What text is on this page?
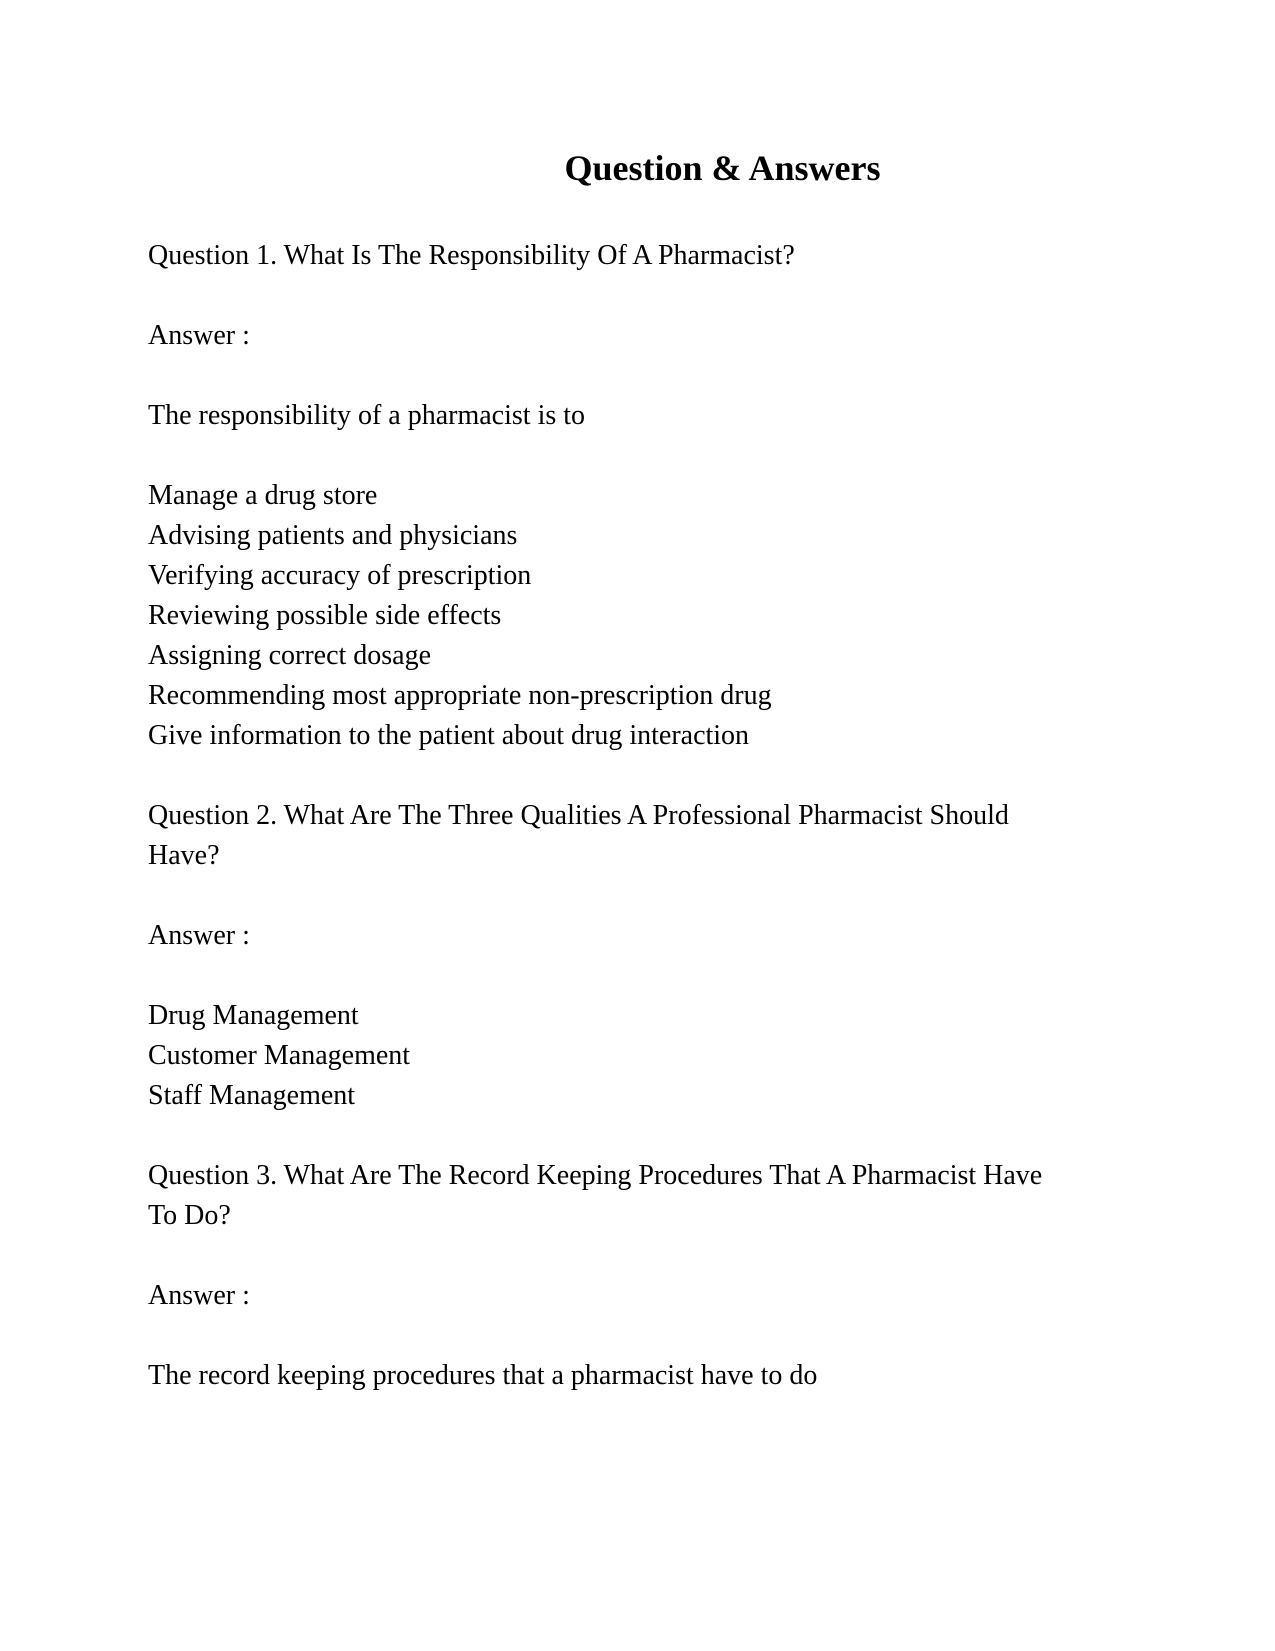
Question & Answers

Question 1. What Is The Responsibility Of A Pharmacist?

Answer :

The responsibility of a pharmacist is to

Manage a drug store

Advising patients and physicians

Verifying accuracy of prescription

Reviewing possible side effects

Assigning correct dosage

Recommending most appropriate non-prescription drug

Give information to the patient about drug interaction

Question 2. What Are The Three Qualities A Professional Pharmacist Should

Have?

Answer :

Drug Management

Customer Management

Staff Management

Question 3. What Are The Record Keeping Procedures That A Pharmacist Have

To Do?

Answer :

The record keeping procedures that a pharmacist have to do
